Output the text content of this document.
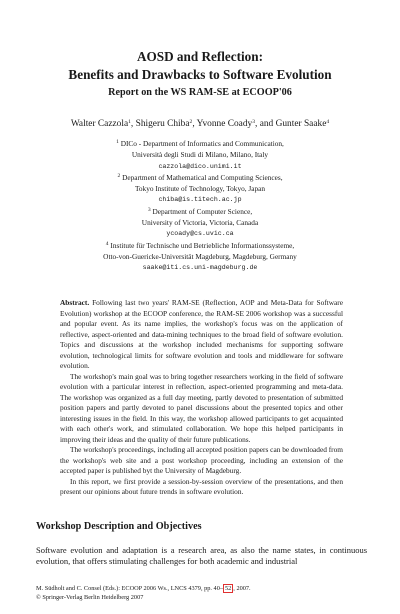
AOSD and Reflection:
Benefits and Drawbacks to Software Evolution
Report on the WS RAM-SE at ECOOP'06
Walter Cazzola$^1$, Shigeru Chiba$^2$, Yvonne Coady$^3$, and Gunter Saake$^4$
$^1$ DICo - Department of Informatics and Communication,
Università degli Studi di Milano, Milano, Italy
cazzola@dico.unimi.it
$^2$ Department of Mathematical and Computing Sciences,
Tokyo Institute of Technology, Tokyo, Japan
chiba@is.titech.ac.jp
$^3$ Department of Computer Science,
University of Victoria, Victoria, Canada
ycoady@cs.uvic.ca
$^4$ Institute für Technische und Betriebliche Informationssysteme,
Otto-von-Guericke-Universität Magdeburg, Magdeburg, Germany
saake@iti.cs.uni-magdeburg.de

Abstract. Following last two years' RAM-SE (Reflection, AOP and Meta-Data for Software Evolution) workshop at the ECOOP conference, the RAM-SE 2006 workshop was a successful and popular event. As its name implies, the workshop's focus was on the application of reflective, aspect-oriented and data-mining techniques to the broad field of software evolution. Topics and discussions at the workshop included mechanisms for supporting software evolution, technological limits for software evolution and tools and middleware for software evolution.

The workshop's main goal was to bring together researchers working in the field of software evolution with a particular interest in reflection, aspect-oriented programming and meta-data. The workshop was organized as a full day meeting, partly devoted to presentation of submitted position papers and partly devoted to panel discussions about the presented topics and other interesting issues in the field. In this way, the workshop allowed participants to get acquainted with each other's work, and stimulated collaboration. We hope this helped participants in improving their ideas and the quality of their future publications.

The workshop's proceedings, including all accepted position papers can be downloaded from the workshop's web site and a post workshop proceeding, including an extension of the accepted paper is published byt the University of Magdeburg.

In this report, we first provide a session-by-session overview of the presentations, and then present our opinions about future trends in software evolution.

Workshop Description and Objectives
Software evolution and adaptation is a research area, as also the name states, in continuous evolution, that offers stimulating challenges for both academic and industrial
M. Südholt and C. Consel (Eds.): ECOOP 2006 Ws., LNCS 4379, pp. 40– 52 , 2007.
© Springer-Verlag Berlin Heidelberg 2007
